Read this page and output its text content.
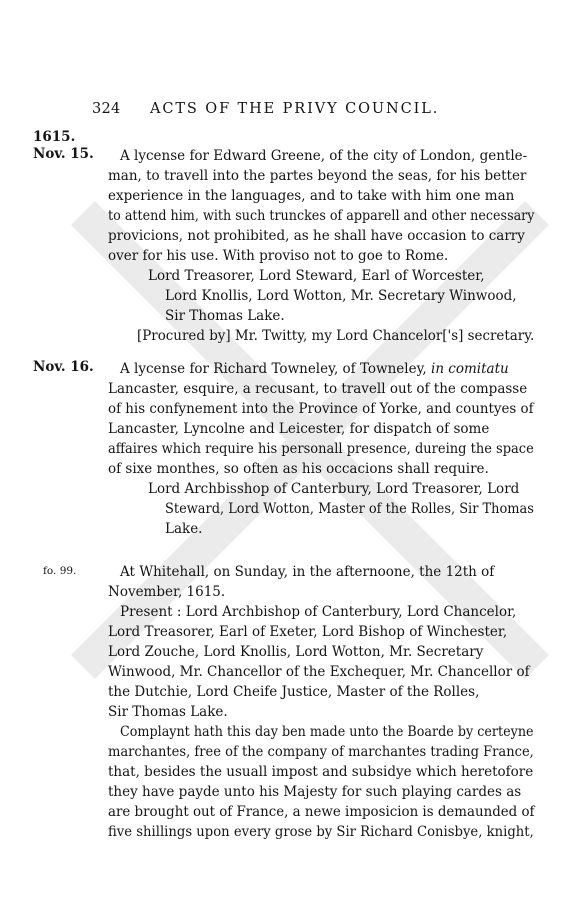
324 ACTS OF THE PRIVY COUNCIL.
1615.
Nov. 15. A lycense for Edward Greene, of the city of London, gentle-
man, to travell into the partes beyond the seas, for his better
experience in the languages, and to take with him one man
to attend him, with such trunckes of apparell and other necessary
provicions, not prohibited, as he shall have occasion to carry
over for his use. With proviso not to goe to Rome.
Lord Treasorer, Lord Steward, Earl of Worcester,
Lord Knollis, Lord Wotton, Mr. Secretary Winwood,
Sir Thomas Lake.
[Procured by] Mr. Twitty, my Lord Chancelor['s] secretary.
Nov. 16. A lycense for Richard Towneley, of Towneley, in comitatu
Lancaster, esquire, a recusant, to travell out of the compasse
of his confynement into the Province of Yorke, and countyes of
Lancaster, Lyncolne and Leicester, for dispatch of some
affaires which require his personall presence, dureing the space
of sixe monthes, so often as his occacions shall require.
Lord Archbisshop of Canterbury, Lord Treasorer, Lord
Steward, Lord Wotton, Master of the Rolles, Sir Thomas
Lake.
fo. 99.	At Whitehall, on Sunday, in the afternoone, the 12th of
November, 1615.
Present : Lord Archbishop of Canterbury, Lord Chancelor,
Lord Treasorer, Earl of Exeter, Lord Bishop of Winchester,
Lord Zouche, Lord Knollis, Lord Wotton, Mr. Secretary
Winwood, Mr. Chancellor of the Exchequer, Mr. Chancellor of
the Dutchie, Lord Cheife Justice, Master of the Rolles,
Sir Thomas Lake.
Complaynt hath this day ben made unto the Boarde by certeyne
marchantes, free of the company of marchantes trading France,
that, besides the usuall impost and subsidye which heretofore
they have payde unto his Majesty for such playing cardes as
are brought out of France, a newe imposicion is demaunded of
five shillings upon every grose by Sir Richard Conisbye, knight,
